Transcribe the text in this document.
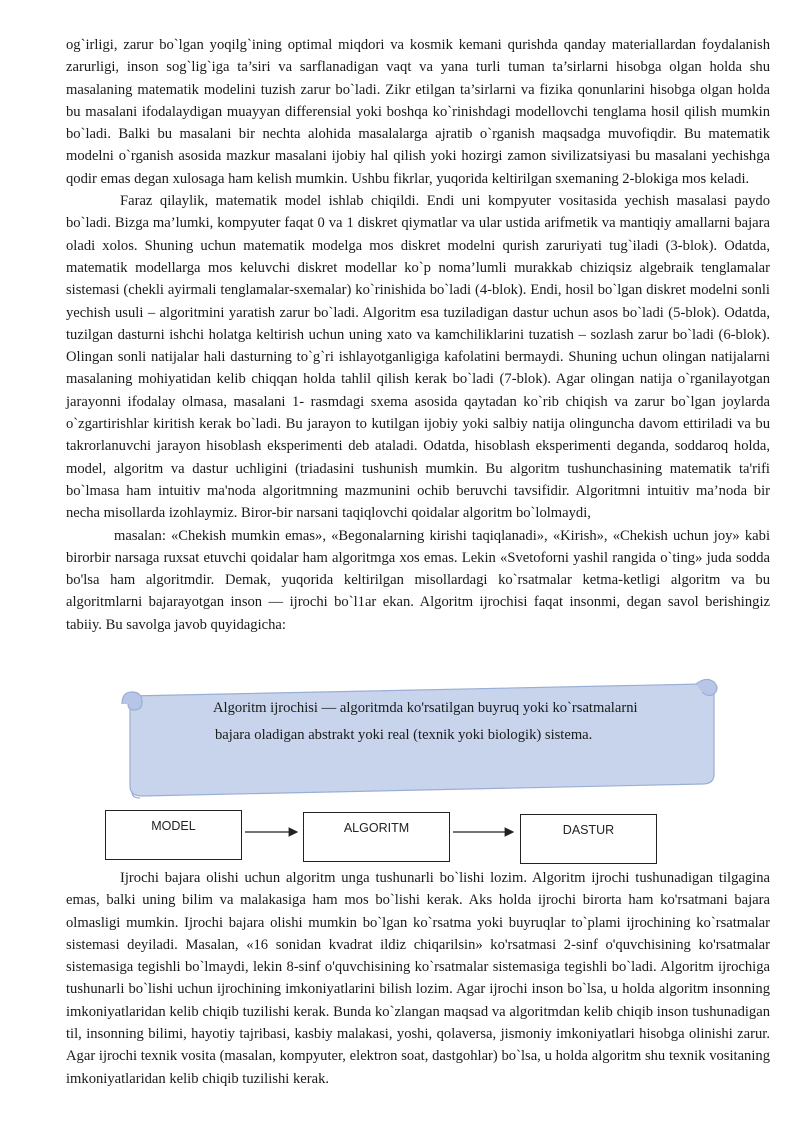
og`irligi, zarur bo`lgan yoqilg`ining optimal miqdori va kosmik kemani qurishda qanday materiallardan foydalanish zarurligi, inson sog`lig`iga ta’siri va sarflanadigan vaqt va yana turli tuman ta’sirlarni hisobga olgan holda shu masalaning matematik modelini tuzish zarur bo`ladi. Zikr etilgan ta’sirlarni va fizika qonunlarini hisobga olgan holda bu masalani ifodalaydigan muayyan differensial yoki boshqa ko`rinishdagi modellovchi tenglama hosil qilish mumkin bo`ladi. Balki bu masalani bir nechta alohida masalalarga ajratib o`rganish maqsadga muvofiqdir. Bu matematik modelni o`rganish asosida mazkur masalani ijobiy hal qilish yoki hozirgi zamon sivilizatsiyasi bu masalani yechishga qodir emas degan xulosaga ham kelish mumkin. Ushbu fikrlar, yuqorida keltirilgan sxemaning 2-blokiga mos keladi.

Faraz qilaylik, matematik model ishlab chiqildi. Endi uni kompyuter vositasida yechish masalasi paydo bo`ladi. Bizga ma’lumki, kompyuter faqat 0 va 1 diskret qiymatlar va ular ustida arifmetik va mantiqiy amallarni bajara oladi xolos. Shuning uchun matematik modelga mos diskret modelni qurish zaruriyati tug`iladi (3-blok). Odatda, matematik modellarga mos keluvchi diskret modellar ko`p noma’lumli murakkab chiziqsiz algebraik tenglamalar sistemasi (chekli ayirmali tenglamalar-sxemalar) ko`rinishida bo`ladi (4-blok). Endi, hosil bo`lgan diskret modelni sonli yechish usuli – algoritmini yaratish zarur bo`ladi. Algoritm esa tuziladigan dastur uchun asos bo`ladi (5-blok). Odatda, tuzilgan dasturni ishchi holatga keltirish uchun uning xato va kamchiliklarini tuzatish – sozlash zarur bo`ladi (6-blok). Olingan sonli natijalar hali dasturning to`g`ri ishlayotganligiga kafolatini bermaydi. Shuning uchun olingan natijalarni masalaning mohiyatidan kelib chiqqan holda tahlil qilish kerak bo`ladi (7-blok). Agar olingan natija o`rganilayotgan jarayonni ifodalay olmasa, masalani 1- rasmdagi sxema asosida qaytadan ko`rib chiqish va zarur bo`lgan joylarda o`zgartirishlar kiritish kerak bo`ladi. Bu jarayon to kutilgan ijobiy yoki salbiy natija olinguncha davom ettiriladi va bu takrorlanuvchi jarayon hisoblash eksperimenti deb ataladi. Odatda, hisoblash eksperimenti deganda, soddaroq holda, model, algoritm va dastur uchligini (triadasini tushunish mumkin. Bu algoritm tushunchasining matematik ta'rifi bo`lmasa ham intuitiv ma'noda algoritmning mazmunini ochib beruvchi tavsifidir. Algoritmni intuitiv ma’noda bir necha misollarda izohlaymiz. Biror-bir narsani taqiqlovchi qoidalar algoritm bo`lolmaydi,

masalan: «Chekish mumkin emas», «Begonalarning kirishi taqiqlanadi», «Kirish», «Chekish uchun joy» kabi birorbir narsaga ruxsat etuvchi qoidalar ham algoritmga xos emas. Lekin «Svetoforni yashil rangida o`ting» juda sodda bo'lsa ham algoritmdir. Demak, yuqorida keltirilgan misollardagi ko`rsatmalar ketma-ketligi algoritm va bu algoritmlarni bajarayotgan inson — ijrochi bo`l1ar ekan. Algoritm ijrochisi faqat insonmi, degan savol berishingiz tabiiy. Bu savolga javob quyidagicha:

Algoritm ijrochisi — algoritmda ko'rsatilgan buyruq yoki ko`rsatmalarni
bajara oladigan abstrakt yoki real (texnik yoki biologik) sistema.
MODEL	ALGORITM	DASTUR

Ijrochi bajara olishi uchun algoritm unga tushunarli bo`lishi lozim. Algoritm ijrochi tushunadigan tilgagina emas, balki uning bilim va malakasiga ham mos bo`lishi kerak. Aks holda ijrochi birorta ham ko'rsatmani bajara olmasligi mumkin. Ijrochi bajara olishi mumkin bo`lgan ko`rsatma yoki buyruqlar to`plami ijrochining ko`rsatmalar sistemasi deyiladi. Masalan, «16 sonidan kvadrat ildiz chiqarilsin» ko'rsatmasi 2-sinf o'quvchisining ko'rsatmalar sistemasiga tegishli bo`lmaydi, lekin 8-sinf o'quvchisining ko`rsatmalar sistemasiga tegishli bo`ladi. Algoritm ijrochiga tushunarli bo`lishi uchun ijrochining imkoniyatlarini bilish lozim. Agar ijrochi inson bo`lsa, u holda algoritm insonning imkoniyatlaridan kelib chiqib tuzilishi kerak. Bunda ko`zlangan maqsad va algoritmdan kelib chiqib inson tushunadigan til, insonning bilimi, hayotiy tajribasi, kasbiy malakasi, yoshi, qolaversa, jismoniy imkoniyatlari hisobga olinishi zarur. Agar ijrochi texnik vosita (masalan, kompyuter, elektron soat, dastgohlar) bo`lsa, u holda algoritm shu texnik vositaning imkoniyatlaridan kelib chiqib tuzilishi kerak.
